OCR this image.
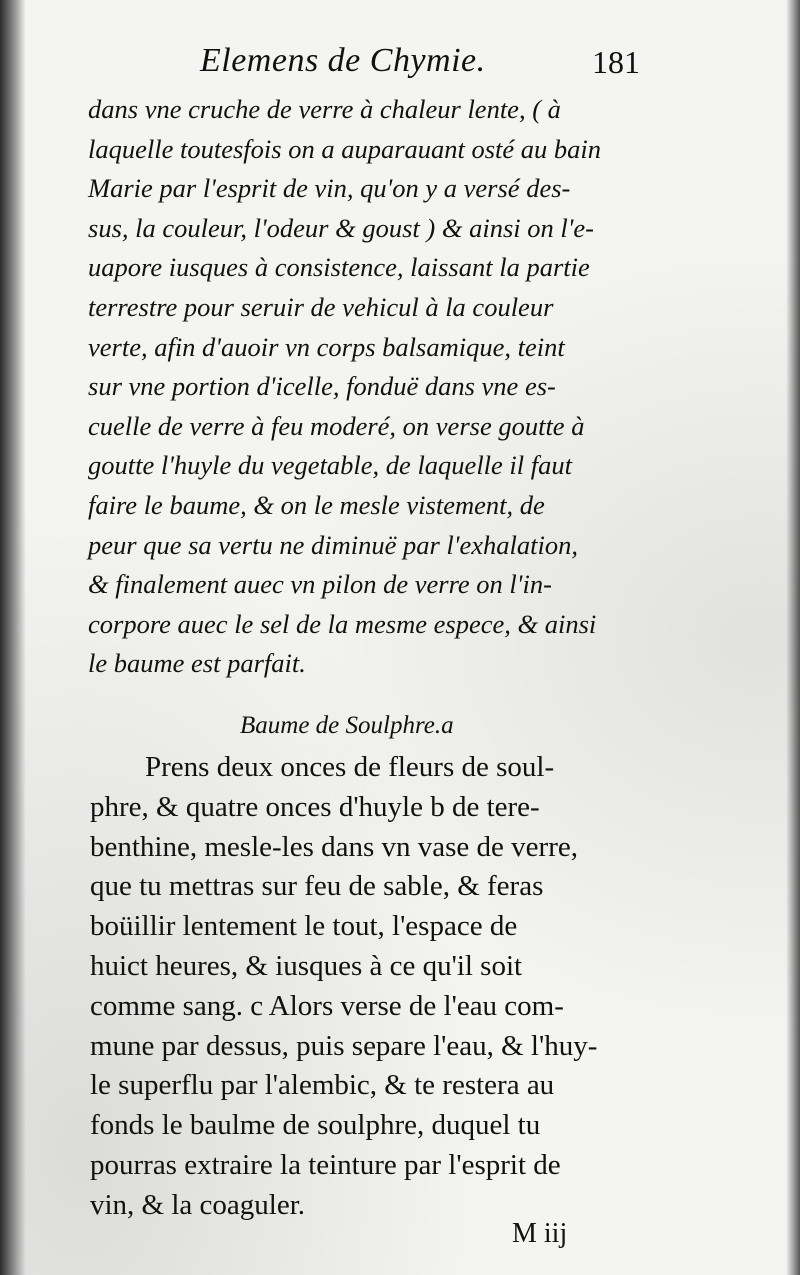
Elemens de Chymie.	181
dans vne cruche de verre à chaleur lente, ( à
laquelle toutesfois on a auparauant osté au bain
Marie par l'esprit de vin, qu'on y a versé des-
sus, la couleur, l'odeur & goust ) & ainsi on l'e-
uapore iusques à consistence, laissant la partie
terrestre pour seruir de vehicul à la couleur
verte, afin d'auoir vn corps balsamique, teint
sur vne portion d'icelle, fonduë dans vne es-
cuelle de verre à feu moderé, on verse goutte à
goutte l'huyle du vegetable, de laquelle il faut
faire le baume, & on le mesle vistement, de
peur que sa vertu ne diminuë par l'exhalation,
& finalement auec vn pilon de verre on l'in-
corpore auec le sel de la mesme espece, & ainsi
le baume est parfait.
Baume de Soulphre.a
Prens deux onces de fleurs de soul-
phre, & quatre onces d'huyle b de tere-
benthine, mesle-les dans vn vase de verre,
que tu mettras sur feu de sable, & feras
boüillir lentement le tout, l'espace de
huict heures, & iusques à ce qu'il soit
comme sang. c Alors verse de l'eau com-
mune par dessus, puis separe l'eau, & l'huy-
le superflu par l'alembic, & te restera au
fonds le baulme de soulphre, duquel tu
pourras extraire la teinture par l'esprit de
vin, & la coaguler.
M iij
